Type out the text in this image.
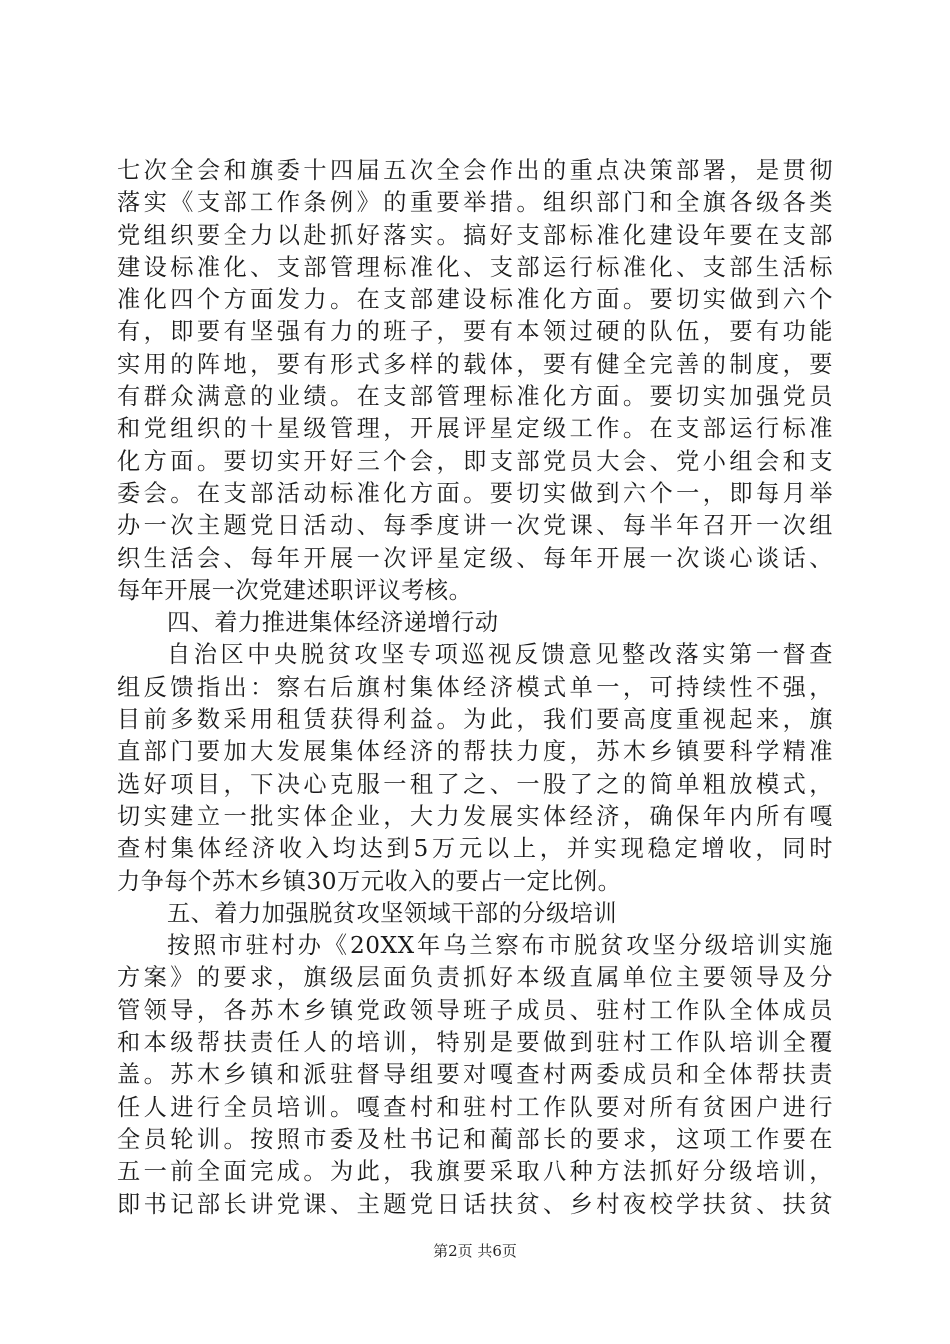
七次全会和旗委十四届五次全会作出的重点决策部署，是贯彻
落实《支部工作条例》的重要举措。组织部门和全旗各级各类
党组织要全力以赴抓好落实。搞好支部标准化建设年要在支部
建设标准化、支部管理标准化、支部运行标准化、支部生活标
准化四个方面发力。在支部建设标准化方面。要切实做到六个
有，即要有坚强有力的班子，要有本领过硬的队伍，要有功能
实用的阵地，要有形式多样的载体，要有健全完善的制度，要
有群众满意的业绩。在支部管理标准化方面。要切实加强党员
和党组织的十星级管理，开展评星定级工作。在支部运行标准
化方面。要切实开好三个会，即支部党员大会、党小组会和支
委会。在支部活动标准化方面。要切实做到六个一，即每月举
办一次主题党日活动、每季度讲一次党课、每半年召开一次组
织生活会、每年开展一次评星定级、每年开展一次谈心谈话、
每年开展一次党建述职评议考核。
四、着力推进集体经济递增行动
自治区中央脱贫攻坚专项巡视反馈意见整改落实第一督查
组反馈指出：察右后旗村集体经济模式单一，可持续性不强，
目前多数采用租赁获得利益。为此，我们要高度重视起来，旗
直部门要加大发展集体经济的帮扶力度，苏木乡镇要科学精准
选好项目，下决心克服一租了之、一股了之的简单粗放模式，
切实建立一批实体企业，大力发展实体经济，确保年内所有嘎
查村集体经济收入均达到5万元以上，并实现稳定增收，同时
力争每个苏木乡镇30万元收入的要占一定比例。
五、着力加强脱贫攻坚领域干部的分级培训
按照市驻村办《20XX年乌兰察布市脱贫攻坚分级培训实施
方案》的要求，旗级层面负责抓好本级直属单位主要领导及分
管领导，各苏木乡镇党政领导班子成员、驻村工作队全体成员
和本级帮扶责任人的培训，特别是要做到驻村工作队培训全覆
盖。苏木乡镇和派驻督导组要对嘎查村两委成员和全体帮扶责
任人进行全员培训。嘎查村和驻村工作队要对所有贫困户进行
全员轮训。按照市委及杜书记和蔺部长的要求，这项工作要在
五一前全面完成。为此，我旗要采取八种方法抓好分级培训，
即书记部长讲党课、主题党日话扶贫、乡村夜校学扶贫、扶贫
第2页 共6页
